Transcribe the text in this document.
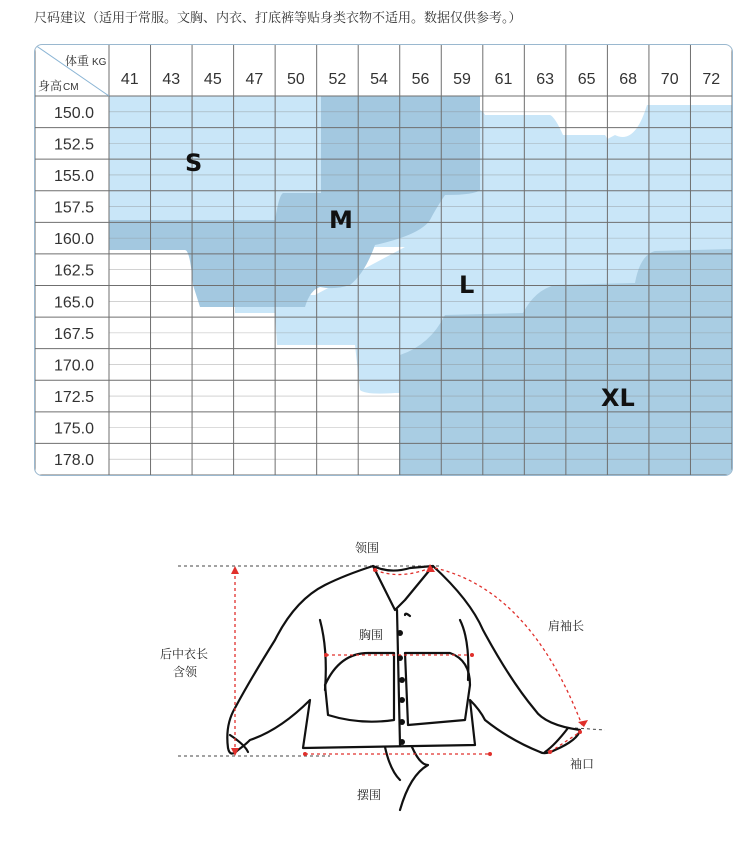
尺码建议（适用于常服。文胸、内衣、打底裤等贴身类衣物不适用。数据仅供参考。）
41 43 45 47 50 52 54 56 59 61 63 65 68 70 72
150.0
152.5
155.0
157.5
160.0
162.5
165.0
167.5
170.0
172.5
175.0
178.0
体重 KG
身高 CM
S
M
L
XL
领围
胸围
肩袖长
后中衣长
含领
袖口
摆围
